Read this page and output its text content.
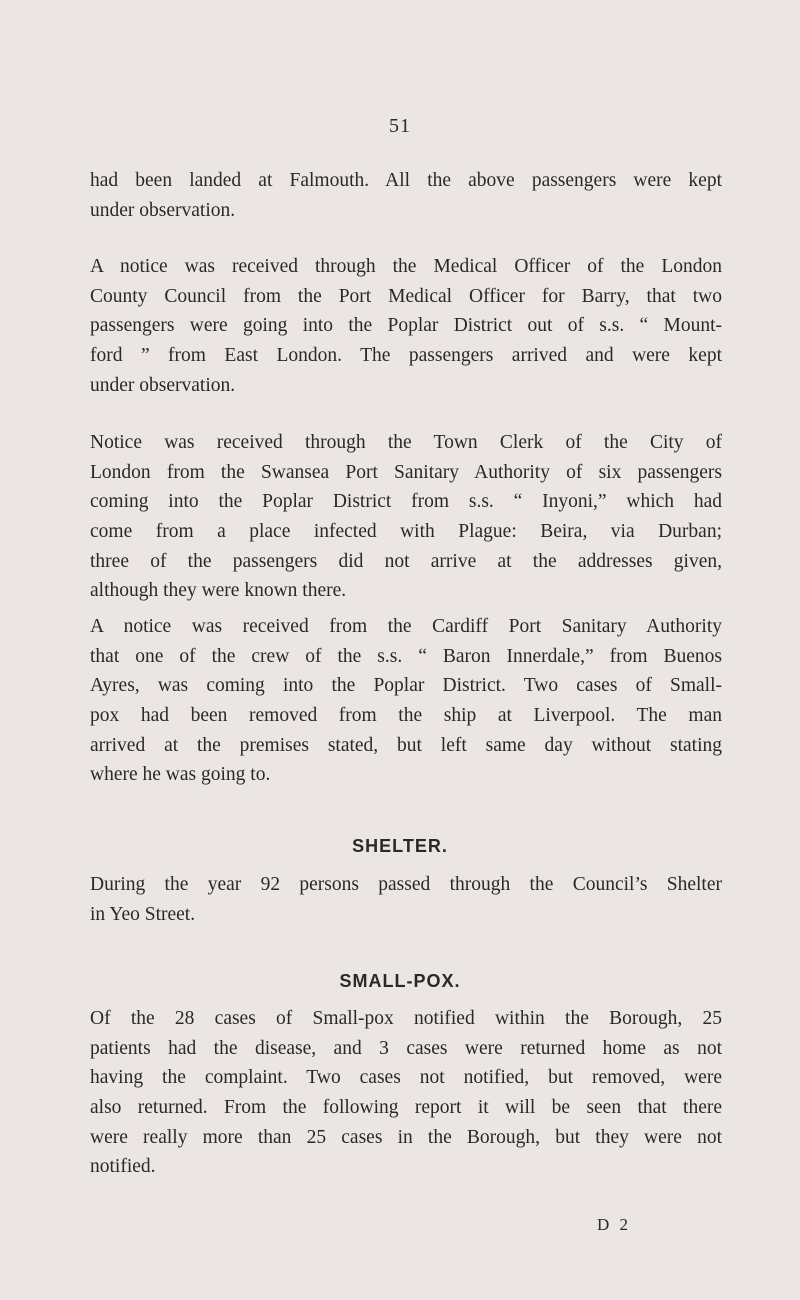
51

had been landed at Falmouth. All the above passengers were kept
under observation.

A notice was received through the Medical Officer of the London
County Council from the Port Medical Officer for Barry, that two
passengers were going into the Poplar District out of s.s. “ Mount-
ford ” from East London. The passengers arrived and were kept
under observation.

Notice was received through the Town Clerk of the City of
London from the Swansea Port Sanitary Authority of six passengers
coming into the Poplar District from s.s. “ Inyoni,” which had
come from a place infected with Plague: Beira, via Durban;
three of the passengers did not arrive at the addresses given,
although they were known there.

A notice was received from the Cardiff Port Sanitary Authority
that one of the crew of the s.s. “ Baron Innerdale,” from Buenos
Ayres, was coming into the Poplar District. Two cases of Small-
pox had been removed from the ship at Liverpool. The man
arrived at the premises stated, but left same day without stating
where he was going to.

SHELTER.

During the year 92 persons passed through the Council’s Shelter
in Yeo Street.

SMALL-POX.

Of the 28 cases of Small-pox notified within the Borough, 25
patients had the disease, and 3 cases were returned home as not
having the complaint. Two cases not notified, but removed, were
also returned. From the following report it will be seen that there
were really more than 25 cases in the Borough, but they were not
notified.

D 2
